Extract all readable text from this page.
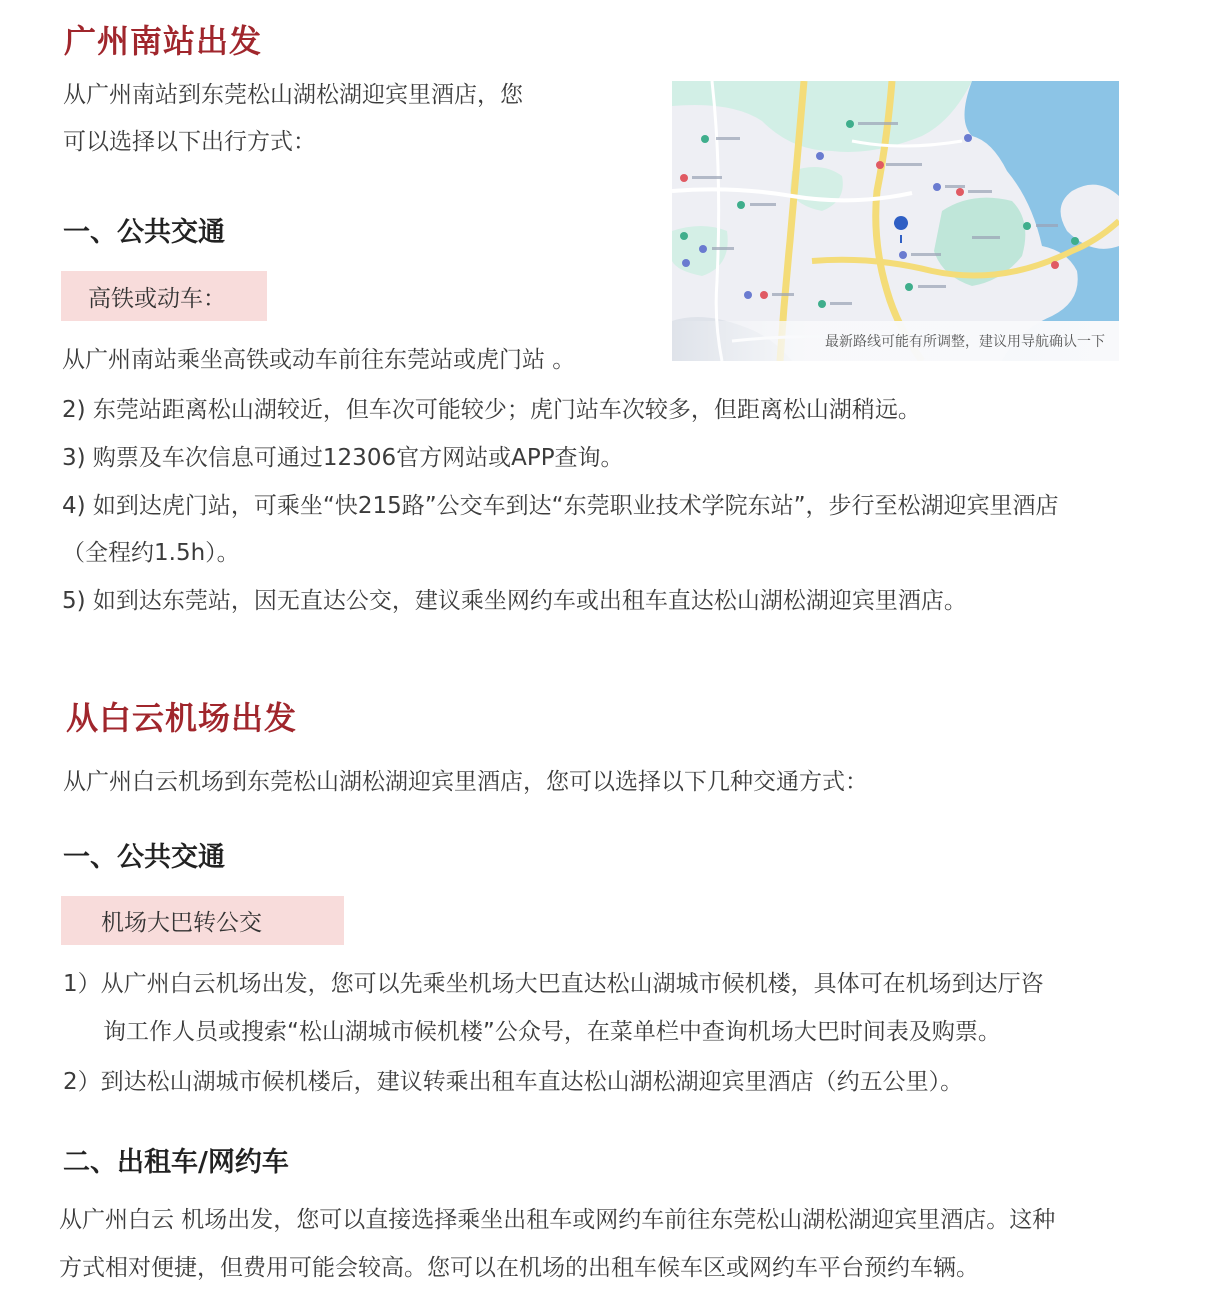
广州南站出发
从广州南站到东莞松山湖松湖迎宾里酒店，您
可以选择以下出行方式：
一、公共交通
高铁或动车：
最新路线可能有所调整，建议用导航确认一下
从广州南站乘坐高铁或动车前往东莞站或虎门站 。
2) 东莞站距离松山湖较近，但车次可能较少；虎门站车次较多，但距离松山湖稍远。
3) 购票及车次信息可通过12306官方网站或APP查询。
4) 如到达虎门站，可乘坐“快215路”公交车到达“东莞职业技术学院东站”，步行至松湖迎宾里酒店
（全程约1.5h）。
5) 如到达东莞站，因无直达公交，建议乘坐网约车或出租车直达松山湖松湖迎宾里酒店。
从白云机场出发
从广州白云机场到东莞松山湖松湖迎宾里酒店，您可以选择以下几种交通方式：
一、公共交通
机场大巴转公交
1）从广州白云机场出发，您可以先乘坐机场大巴直达松山湖城市候机楼，具体可在机场到达厅咨
询工作人员或搜索“松山湖城市候机楼”公众号，在菜单栏中查询机场大巴时间表及购票。
2）到达松山湖城市候机楼后，建议转乘出租车直达松山湖松湖迎宾里酒店（约五公里）。
二、出租车/网约车
从广州白云 机场出发，您可以直接选择乘坐出租车或网约车前往东莞松山湖松湖迎宾里酒店。这种
方式相对便捷，但费用可能会较高。您可以在机场的出租车候车区或网约车平台预约车辆。
